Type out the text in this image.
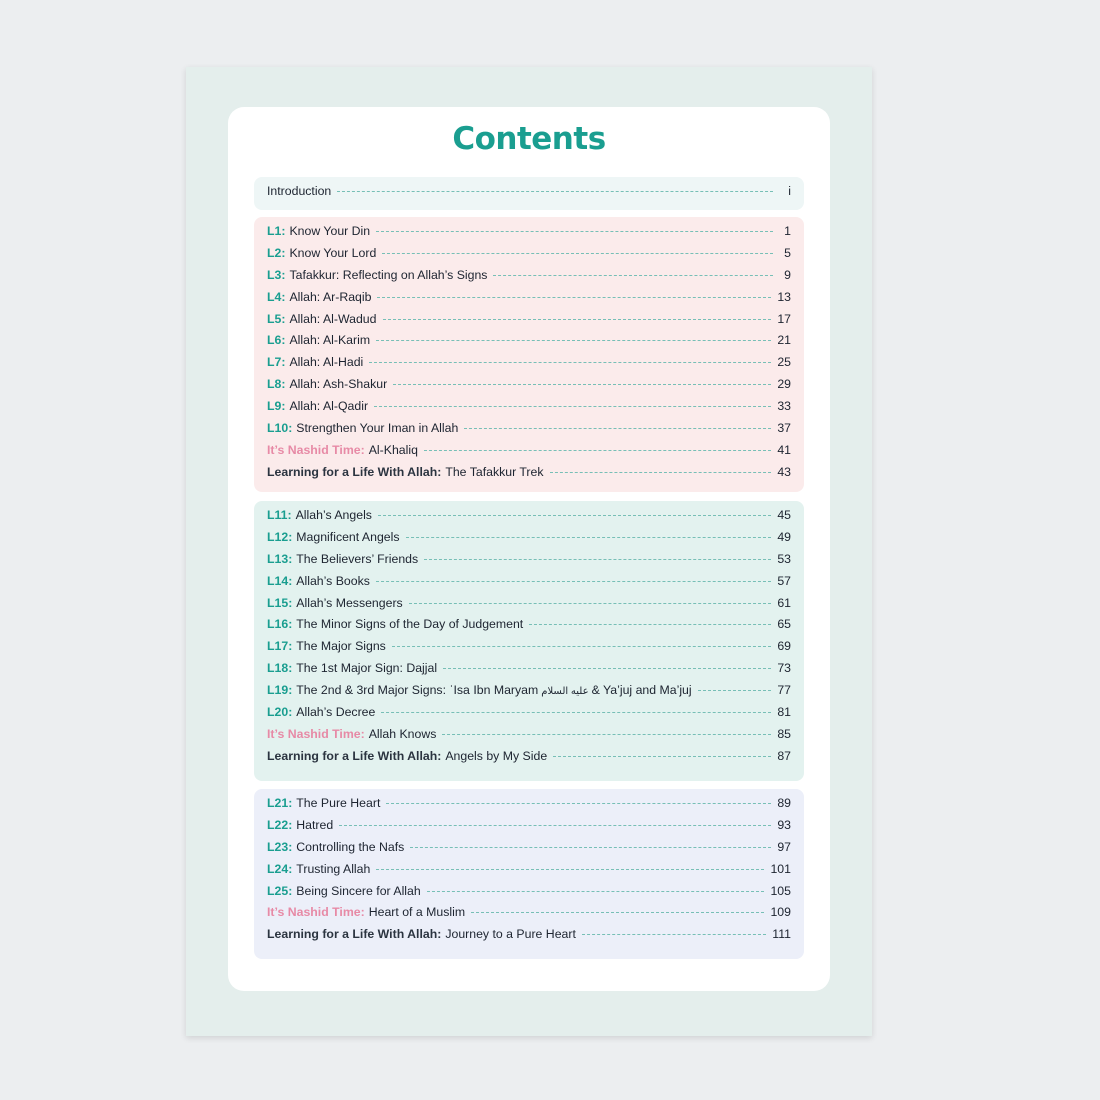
Contents
Introduction	i
L1: Know Your Din	1
L2: Know Your Lord	5
L3: Tafakkur: Reflecting on Allah’s Signs	9
L4: Allah: Ar-Raqib	13
L5: Allah: Al-Wadud	17
L6: Allah: Al-Karim	21
L7: Allah: Al-Hadi	25
L8: Allah: Ash-Shakur	29
L9: Allah: Al-Qadir	33
L10: Strengthen Your Iman in Allah	37
It’s Nashid Time: Al-Khaliq	41
Learning for a Life With Allah: The Tafakkur Trek	43
L11: Allah’s Angels	45
L12: Magnificent Angels	49
L13: The Believers’ Friends	53
L14: Allah’s Books	57
L15: Allah’s Messengers	61
L16: The Minor Signs of the Day of Judgement	65
L17: The Major Signs	69
L18: The 1st Major Sign: Dajjal	73
L19: The 2nd & 3rd Major Signs: ʿIsa Ibn Maryam عليه السلام & Ya’juj and Ma’juj	77
L20: Allah’s Decree	81
It’s Nashid Time: Allah Knows	85
Learning for a Life With Allah: Angels by My Side	87
L21: The Pure Heart	89
L22: Hatred	93
L23: Controlling the Nafs	97
L24: Trusting Allah	101
L25: Being Sincere for Allah	105
It’s Nashid Time: Heart of a Muslim	109
Learning for a Life With Allah: Journey to a Pure Heart	111
